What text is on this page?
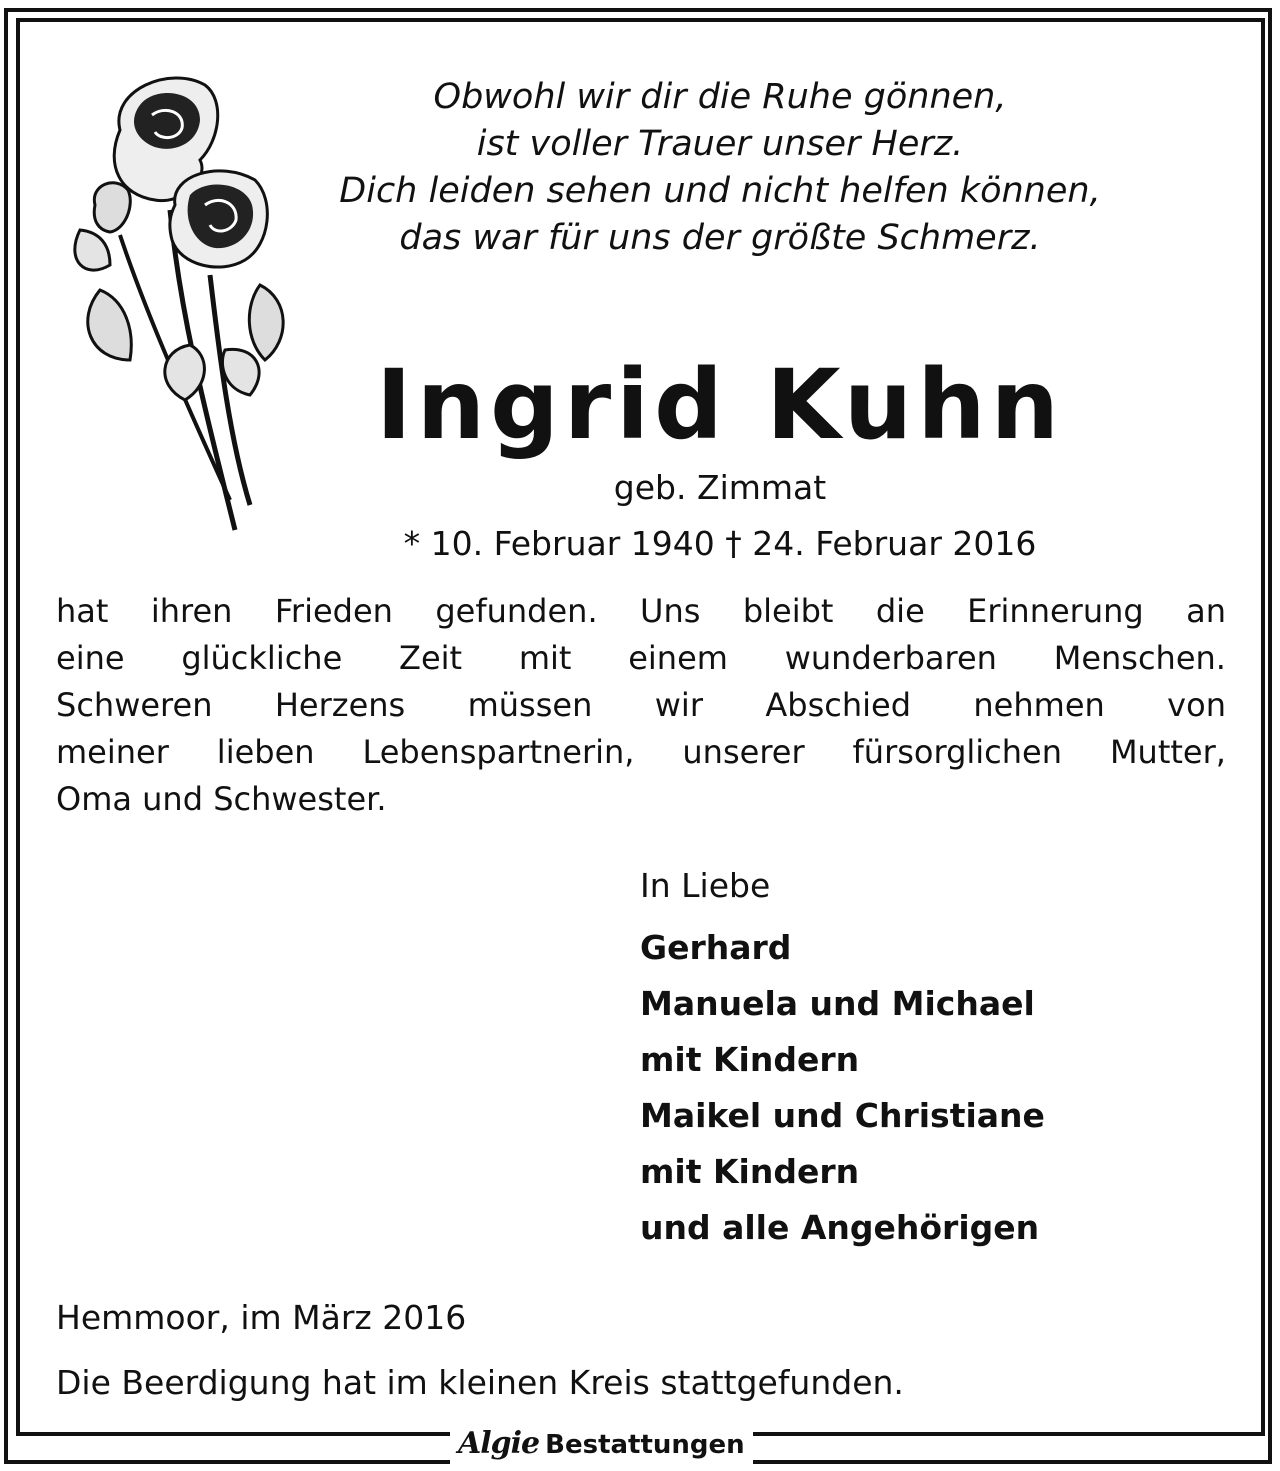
Obwohl wir dir die Ruhe gönnen,
ist voller Trauer unser Herz.
Dich leiden sehen und nicht helfen können,
das war für uns der größte Schmerz.
Ingrid Kuhn
geb. Zimmat
* 10. Februar 1940 † 24. Februar 2016
hat ihren Frieden gefunden. Uns bleibt die Erinnerung an
eine glückliche Zeit mit einem wunderbaren Menschen.
Schweren Herzens müssen wir Abschied nehmen von
meiner lieben Lebenspartnerin, unserer fürsorglichen Mutter,
Oma und Schwester.
In Liebe
Gerhard
Manuela und Michael
mit Kindern
Maikel und Christiane
mit Kindern
und alle Angehörigen
Hemmoor, im März 2016
Die Beerdigung hat im kleinen Kreis stattgefunden.
Algie Bestattungen
